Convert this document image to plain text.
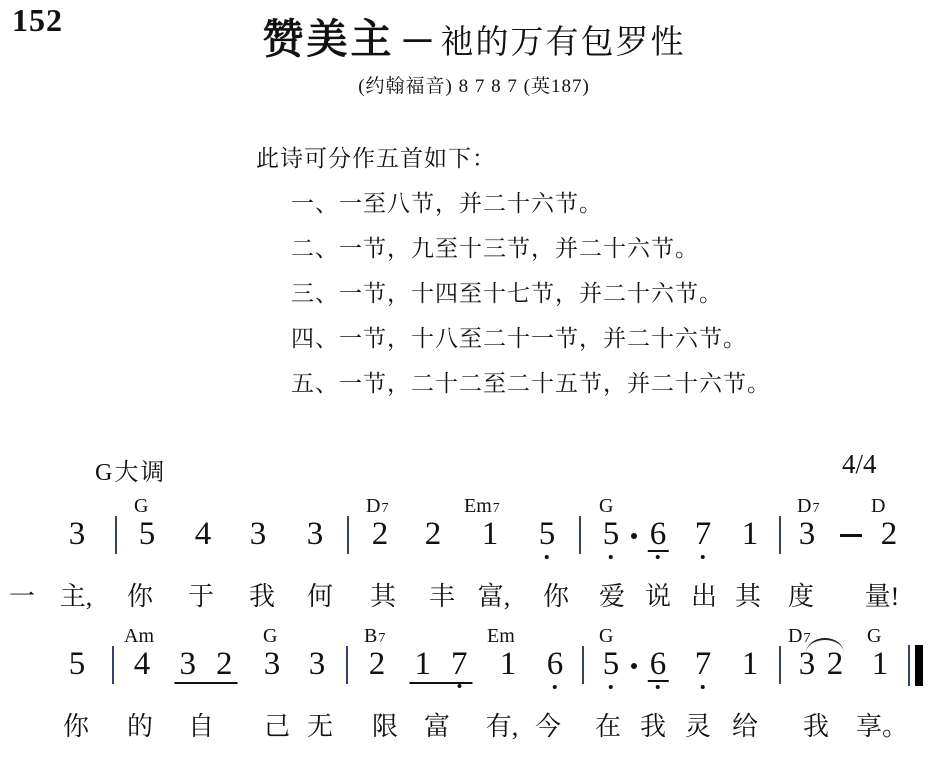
152	赞美主 — 祂的万有包罗性
(约翰福音) 8 7 8 7 (英187)
此诗可分作五首如下：
一、一至八节，并二十六节。
二、一节，九至十三节，并二十六节。
三、一节，十四至十七节，并二十六节。
四、一节，十八至二十一节，并二十六节。
五、一节，二十二至二十五节，并二十六节。
G大调	4/4
G	D7	Em7	G	D7	D
3 5 4 3 3 2 2 1 5 5 6 7 1 3 2
一 主, 你 于 我 何 其 丰 富, 你 爱 说 出 其 度 量!
Am	G	B7	Em	G	D7	G
5 4 3 2 3 3 2 1 7 1 6 5 6 7 1 3 2 1
你 的 自 己 无 限 富 有, 今 在 我 灵 给 我 享。
